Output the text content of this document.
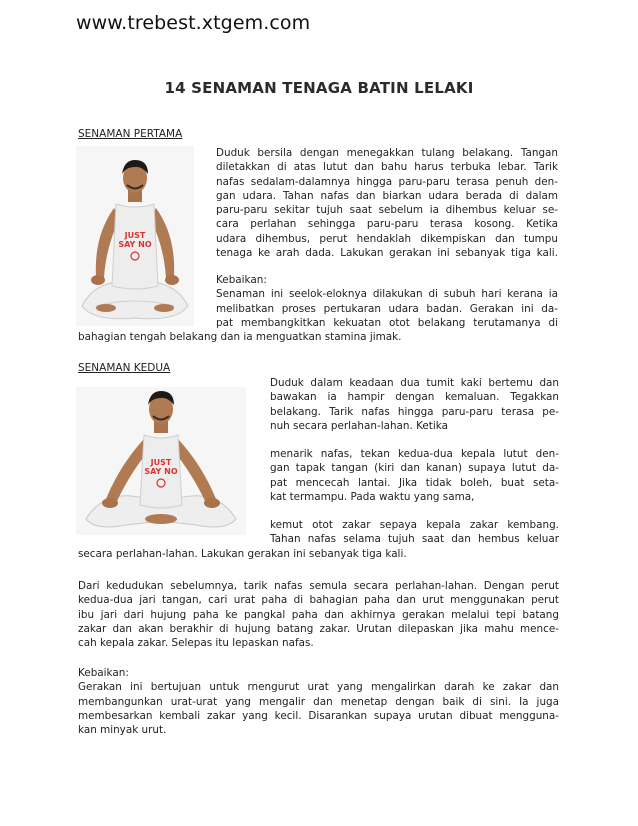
www.trebest.xtgem.com
14 SENAMAN TENAGA BATIN LELAKI
SENAMAN PERTAMA
JUST
SAY NO
Duduk bersila dengan menegakkan tulang belakang. Tangan
diletakkan di atas lutut dan bahu harus terbuka lebar. Tarik
nafas sedalam-dalamnya hingga paru-paru terasa penuh den-
gan udara. Tahan nafas dan biarkan udara berada di dalam
paru-paru sekitar tujuh saat sebelum ia dihembus keluar se-
cara perlahan sehingga paru-paru terasa kosong. Ketika
udara dihembus, perut hendaklah dikempiskan dan tumpu
tenaga ke arah dada. Lakukan gerakan ini sebanyak tiga kali.
Kebaikan:
Senaman ini seelok-eloknya dilakukan di subuh hari kerana ia
melibatkan proses pertukaran udara badan. Gerakan ini da-
pat membangkitkan kekuatan otot belakang terutamanya di
bahagian tengah belakang dan ia menguatkan stamina jimak.
SENAMAN KEDUA
JUST
SAY NO
Duduk dalam keadaan dua tumit kaki bertemu dan
bawakan ia hampir dengan kemaluan. Tegakkan
belakang. Tarik nafas hingga paru-paru terasa pe-
nuh secara perlahan-lahan. Ketika
menarik nafas, tekan kedua-dua kepala lutut den-
gan tapak tangan (kiri dan kanan) supaya lutut da-
pat mencecah lantai. Jika tidak boleh, buat seta-
kat termampu. Pada waktu yang sama,
kemut otot zakar sepaya kepala zakar kembang.
Tahan nafas selama tujuh saat dan hembus keluar
secara perlahan-lahan. Lakukan gerakan ini sebanyak tiga kali.
Dari kedudukan sebelumnya, tarik nafas semula secara perlahan-lahan. Dengan perut
kedua-dua jari tangan, cari urat paha di bahagian paha dan urut menggunakan perut
ibu jari dari hujung paha ke pangkal paha dan akhirnya gerakan melalui tepi batang
zakar dan akan berakhir di hujung batang zakar. Urutan dilepaskan jika mahu mence-
cah kepala zakar. Selepas itu lepaskan nafas.
Kebaikan:
Gerakan ini bertujuan untuk rnengurut urat yang mengalirkan darah ke zakar dan
membangunkan urat-urat yang mengalir dan menetap dengan baik di sini. Ia juga
membesarkan kembali zakar yang kecil. Disarankan supaya urutan dibuat mengguna-
kan minyak urut.
